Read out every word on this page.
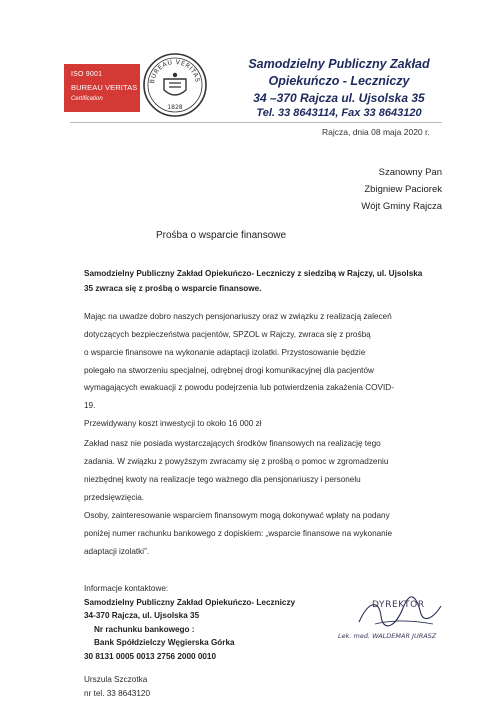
ISO 9001
BUREAU VERITAS
Certification
BUREAU VERITAS
1828
Samodzielny Publiczny Zakład
Opiekuńczo - Leczniczy
34 –370 Rajcza ul. Ujsolska 35
Tel. 33 8643114, Fax 33 8643120
Rajcza, dnia 08 maja 2020 r.
Szanowny Pan
Zbigniew Paciorek
Wójt Gminy Rajcza
Prośba o wsparcie finansowe
Samodzielny Publiczny Zakład Opiekuńczo- Leczniczy z siedzibą w Rajczy, ul. Ujsolska
35 zwraca się z prośbą o wsparcie finansowe.
Mając na uwadze dobro naszych pensjonariuszy oraz w związku z realizacją zaleceń
dotyczących bezpieczeństwa pacjentów, SPZOL w Rajczy, zwraca się z prośbą
o wsparcie finansowe na wykonanie adaptacji izolatki. Przystosowanie będzie
polegało na stworzeniu specjalnej, odrębnej drogi komunikacyjnej dla pacjentów
wymagających ewakuacji z powodu podejrzenia lub potwierdzenia zakażenia COVID-
19.
Przewidywany koszt inwestycji to około 16 000 zł
Zakład nasz nie posiada wystarczających środków finansowych na realizację tego
zadania. W związku z powyższym zwracamy się z prośbą o pomoc w zgromadzeniu
niezbędnej kwoty na realizacje tego ważnego dla pensjonariuszy i personelu
przedsięwzięcia.
Osoby, zainteresowanie wsparciem finansowym mogą dokonywać wpłaty na podany
poniżej numer rachunku bankowego z dopiskiem: „wsparcie finansowe na wykonanie
adaptacji izolatki”.
Informacje kontaktowe:
Samodzielny Publiczny Zakład Opiekuńczo- Leczniczy
34-370 Rajcza, ul. Ujsolska 35
Nr rachunku bankowego :
Bank Spółdzielczy Węgierska Górka
30 8131 0005 0013 2756 2000 0010
Urszula Szczotka
nr tel. 33 8643120
DYREKTOR
Lek. med. WALDEMAR JURASZ
